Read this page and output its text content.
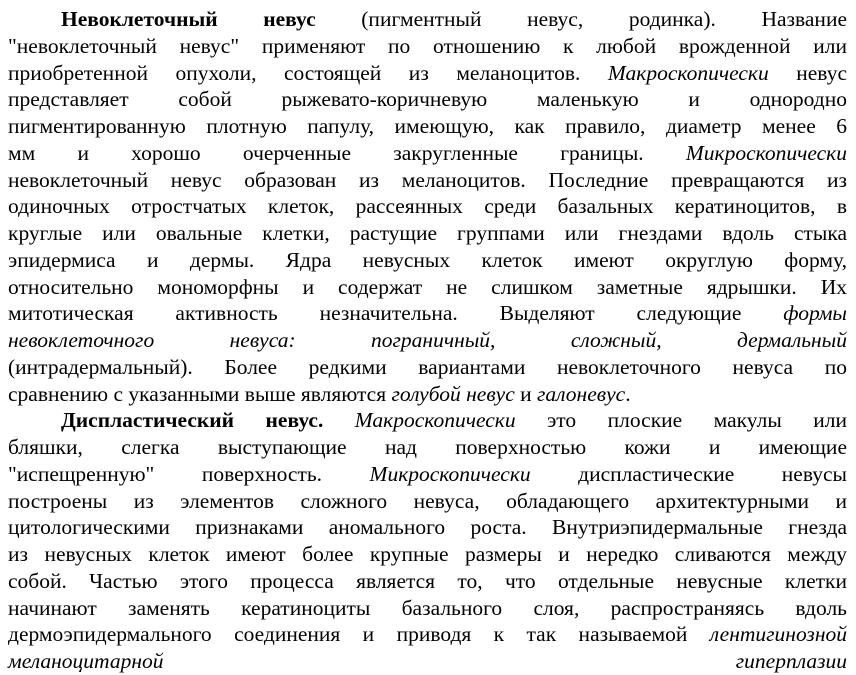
Невоклеточный невус (пигментный невус, родинка). Название
"невоклеточный невус" применяют по отношению к любой врожденной или
приобретенной опухоли, состоящей из меланоцитов. Макроскопически невус
представляет собой рыжевато-коричневую маленькую и однородно
пигментированную плотную папулу, имеющую, как правило, диаметр менее 6
мм и хорошо очерченные закругленные границы. Микроскопически
невоклеточный невус образован из меланоцитов. Последние превращаются из
одиночных отростчатых клеток, рассеянных среди базальных кератиноцитов, в
круглые или овальные клетки, растущие группами или гнездами вдоль стыка
эпидермиса и дермы. Ядра невусных клеток имеют округлую форму,
относительно мономорфны и содержат не слишком заметные ядрышки. Их
митотическая активность незначительна. Выделяют следующие формы
невоклеточного невуса: пограничный, сложный, дермальный
(интрадермальный). Более редкими вариантами невоклеточного невуса по
сравнению с указанными выше являются голубой невус и галоневус.
Диспластический невус. Макроскопически это плоские макулы или
бляшки, слегка выступающие над поверхностью кожи и имеющие
"испещренную" поверхность. Микроскопически диспластические невусы
построены из элементов сложного невуса, обладающего архитектурными и
цитологическими признаками аномального роста. Внутриэпидермальные гнезда
из невусных клеток имеют более крупные размеры и нередко сливаются между
собой. Частью этого процесса является то, что отдельные невусные клетки
начинают заменять кератиноциты базального слоя, распространяясь вдоль
дермоэпидермального соединения и приводя к так называемой лентигинозной
меланоцитарной гиперплазии
